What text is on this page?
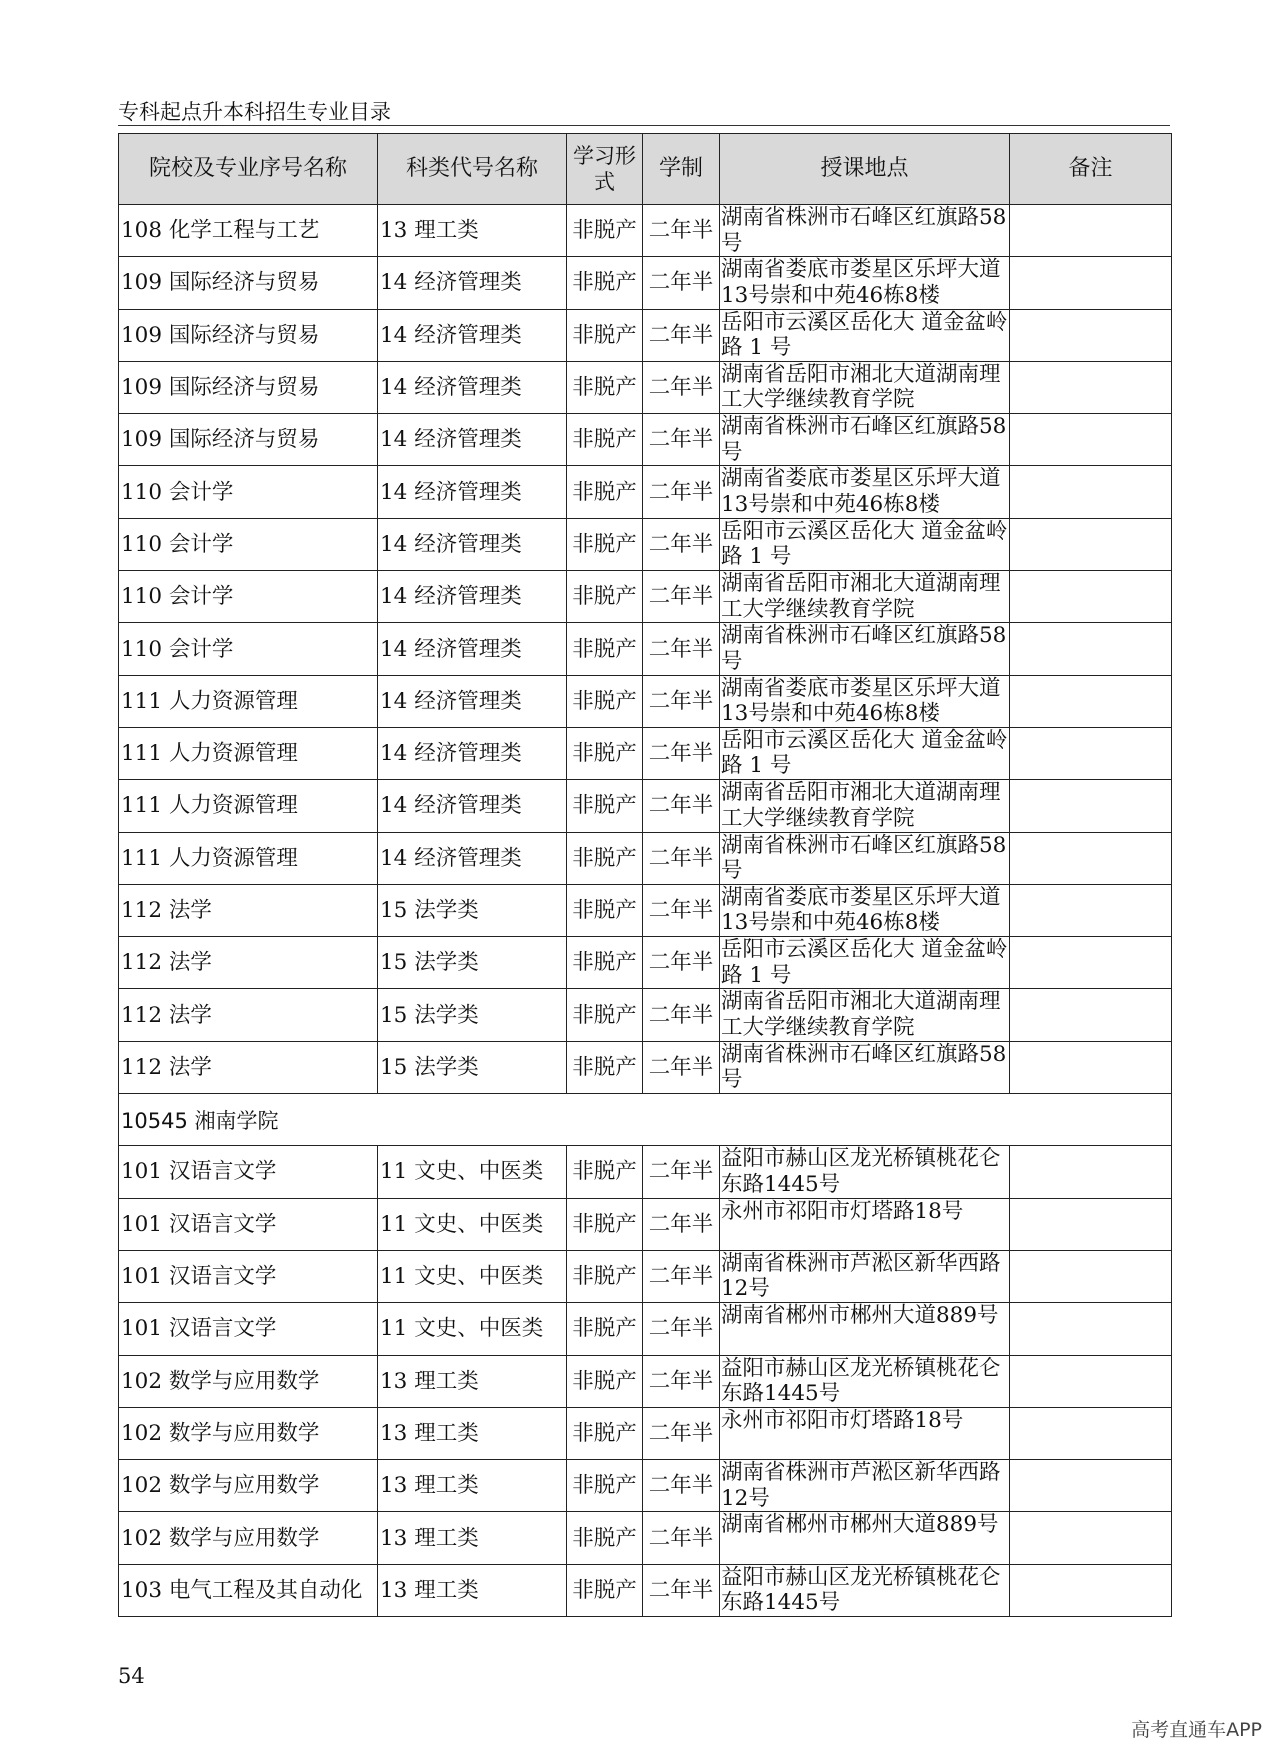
专科起点升本科招生专业目录
院校及专业序号名称	科类代号名称	学习形式	学制	授课地点	备注
108 化学工程与工艺	13 理工类	非脱产	二年半	湖南省株洲市石峰区红旗路58号	
109 国际经济与贸易	14 经济管理类	非脱产	二年半	湖南省娄底市娄星区乐坪大道13号崇和中苑46栋8楼	
109 国际经济与贸易	14 经济管理类	非脱产	二年半	岳阳市云溪区岳化大 道金盆岭路 1 号	
109 国际经济与贸易	14 经济管理类	非脱产	二年半	湖南省岳阳市湘北大道湖南理工大学继续教育学院	
109 国际经济与贸易	14 经济管理类	非脱产	二年半	湖南省株洲市石峰区红旗路58号	
110 会计学	14 经济管理类	非脱产	二年半	湖南省娄底市娄星区乐坪大道13号崇和中苑46栋8楼	
110 会计学	14 经济管理类	非脱产	二年半	岳阳市云溪区岳化大 道金盆岭路 1 号	
110 会计学	14 经济管理类	非脱产	二年半	湖南省岳阳市湘北大道湖南理工大学继续教育学院	
110 会计学	14 经济管理类	非脱产	二年半	湖南省株洲市石峰区红旗路58号	
111 人力资源管理	14 经济管理类	非脱产	二年半	湖南省娄底市娄星区乐坪大道13号崇和中苑46栋8楼	
111 人力资源管理	14 经济管理类	非脱产	二年半	岳阳市云溪区岳化大 道金盆岭路 1 号	
111 人力资源管理	14 经济管理类	非脱产	二年半	湖南省岳阳市湘北大道湖南理工大学继续教育学院	
111 人力资源管理	14 经济管理类	非脱产	二年半	湖南省株洲市石峰区红旗路58号	
112 法学	15 法学类	非脱产	二年半	湖南省娄底市娄星区乐坪大道13号崇和中苑46栋8楼	
112 法学	15 法学类	非脱产	二年半	岳阳市云溪区岳化大 道金盆岭路 1 号	
112 法学	15 法学类	非脱产	二年半	湖南省岳阳市湘北大道湖南理工大学继续教育学院	
112 法学	15 法学类	非脱产	二年半	湖南省株洲市石峰区红旗路58号	
10545 湘南学院					
101 汉语言文学	11 文史、中医类	非脱产	二年半	益阳市赫山区龙光桥镇桃花仑东路1445号	
101 汉语言文学	11 文史、中医类	非脱产	二年半	永州市祁阳市灯塔路18号	
101 汉语言文学	11 文史、中医类	非脱产	二年半	湖南省株洲市芦淞区新华西路12号	
101 汉语言文学	11 文史、中医类	非脱产	二年半	湖南省郴州市郴州大道889号	
102 数学与应用数学	13 理工类	非脱产	二年半	益阳市赫山区龙光桥镇桃花仑东路1445号	
102 数学与应用数学	13 理工类	非脱产	二年半	永州市祁阳市灯塔路18号	
102 数学与应用数学	13 理工类	非脱产	二年半	湖南省株洲市芦淞区新华西路12号	
102 数学与应用数学	13 理工类	非脱产	二年半	湖南省郴州市郴州大道889号	
103 电气工程及其自动化	13 理工类	非脱产	二年半	益阳市赫山区龙光桥镇桃花仑东路1445号	
54
高考直通车APP
